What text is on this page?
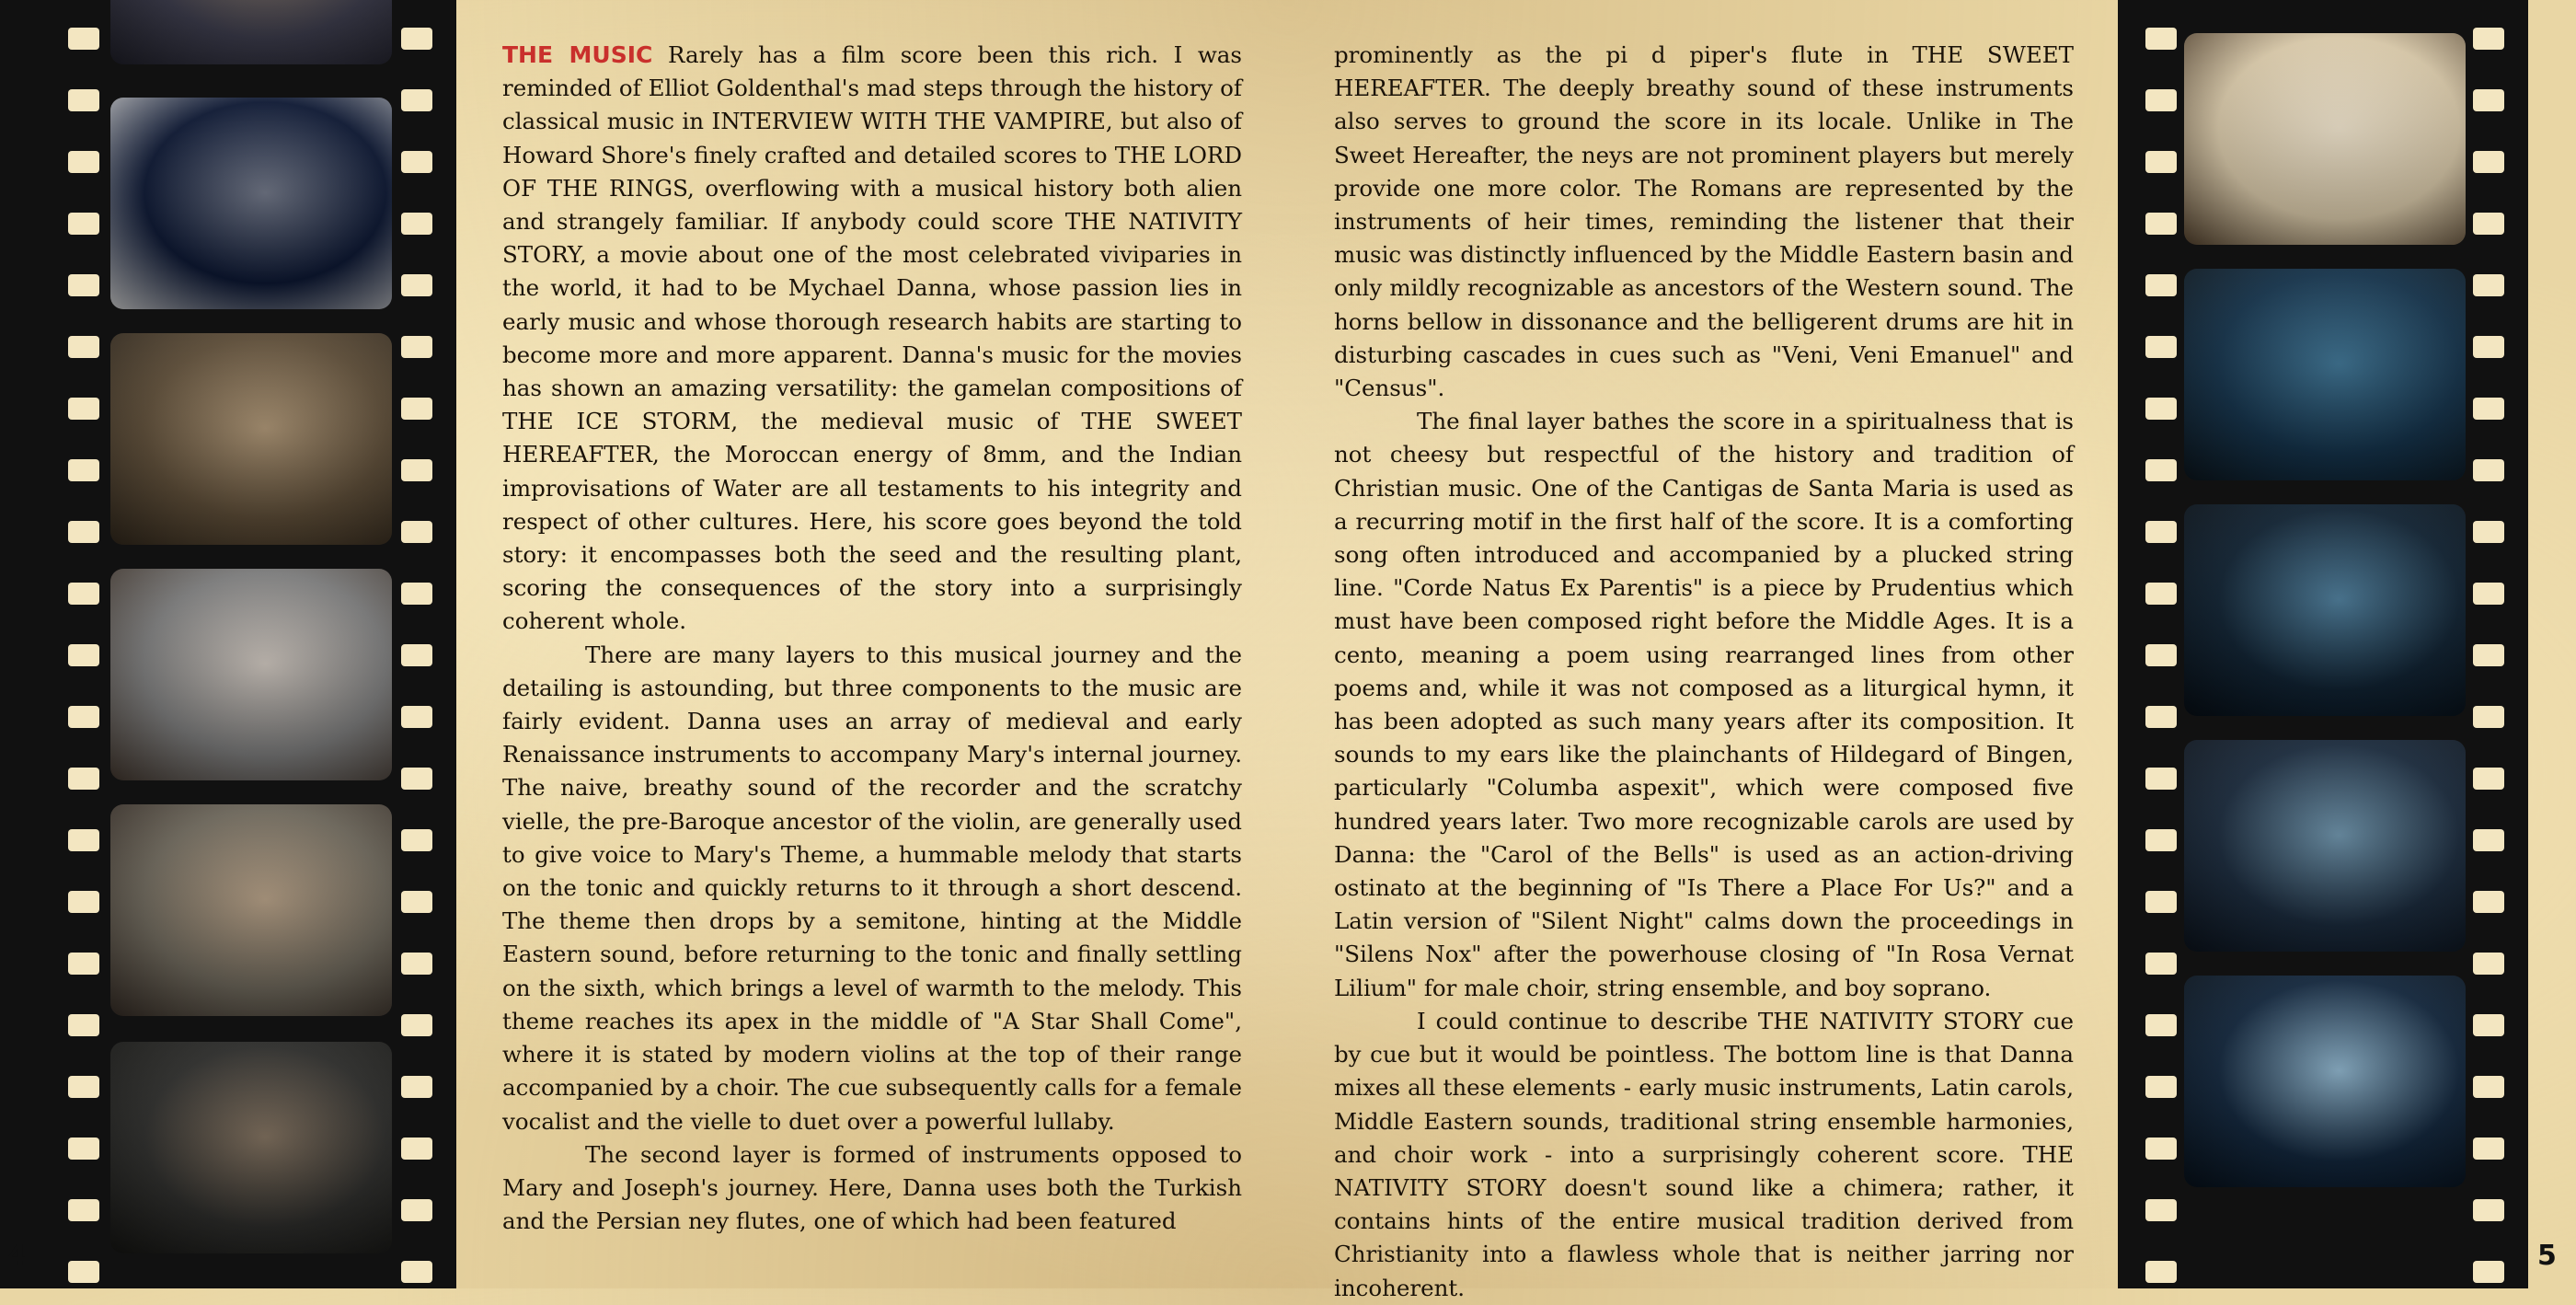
THE MUSIC Rarely has a film score been this rich. I was reminded of Elliot Goldenthal's mad steps through the history of classical music in INTERVIEW WITH THE VAMPIRE, but also of Howard Shore's finely crafted and detailed scores to THE LORD OF THE RINGS, overflowing with a musical history both alien and strangely familiar. If anybody could score THE NATIVITY STORY, a movie about one of the most celebrated viviparies in the world, it had to be Mychael Danna, whose passion lies in early music and whose thorough research habits are starting to become more and more apparent. Danna's music for the movies has shown an amazing versatility: the gamelan compositions of THE ICE STORM, the medieval music of THE SWEET HEREAFTER, the Moroccan energy of 8mm, and the Indian improvisations of Water are all testaments to his integrity and respect of other cultures. Here, his score goes beyond the told story: it encompasses both the seed and the resulting plant, scoring the consequences of the story into a surprisingly coherent whole.

There are many layers to this musical journey and the detailing is astounding, but three components to the music are fairly evident. Danna uses an array of medieval and early Renaissance instruments to accompany Mary's internal journey. The naive, breathy sound of the recorder and the scratchy vielle, the pre-Baroque ancestor of the violin, are generally used to give voice to Mary's Theme, a hummable melody that starts on the tonic and quickly returns to it through a short descend. The theme then drops by a semitone, hinting at the Middle Eastern sound, before returning to the tonic and finally settling on the sixth, which brings a level of warmth to the melody. This theme reaches its apex in the middle of "A Star Shall Come", where it is stated by modern violins at the top of their range accompanied by a choir. The cue subsequently calls for a female vocalist and the vielle to duet over a powerful lullaby.

The second layer is formed of instruments opposed to Mary and Joseph's journey. Here, Danna uses both the Turkish and the Persian ney flutes, one of which had been featured

prominently as the pi d piper's flute in THE SWEET HEREAFTER. The deeply breathy sound of these instruments also serves to ground the score in its locale. Unlike in The Sweet Hereafter, the neys are not prominent players but merely provide one more color. The Romans are represented by the instruments of heir times, reminding the listener that their music was distinctly influenced by the Middle Eastern basin and only mildly recognizable as ancestors of the Western sound. The horns bellow in dissonance and the belligerent drums are hit in disturbing cascades in cues such as "Veni, Veni Emanuel" and "Census".

The final layer bathes the score in a spiritualness that is not cheesy but respectful of the history and tradition of Christian music. One of the Cantigas de Santa Maria is used as a recurring motif in the first half of the score. It is a comforting song often introduced and accompanied by a plucked string line. "Corde Natus Ex Parentis" is a piece by Prudentius which must have been composed right before the Middle Ages. It is a cento, meaning a poem using rearranged lines from other poems and, while it was not composed as a liturgical hymn, it has been adopted as such many years after its composition. It sounds to my ears like the plainchants of Hildegard of Bingen, particularly "Columba aspexit", which were composed five hundred years later. Two more recognizable carols are used by Danna: the "Carol of the Bells" is used as an action-driving ostinato at the beginning of "Is There a Place For Us?" and a Latin version of "Silent Night" calms down the proceedings in "Silens Nox" after the powerhouse closing of "In Rosa Vernat Lilium" for male choir, string ensemble, and boy soprano.

I could continue to describe THE NATIVITY STORY cue by cue but it would be pointless. The bottom line is that Danna mixes all these elements - early music instruments, Latin carols, Middle Eastern sounds, traditional string ensemble harmonies, and choir work - into a surprisingly coherent score. THE NATIVITY STORY doesn't sound like a chimera; rather, it contains hints of the entire musical tradition derived from Christianity into a flawless whole that is neither jarring nor incoherent.

4	5
